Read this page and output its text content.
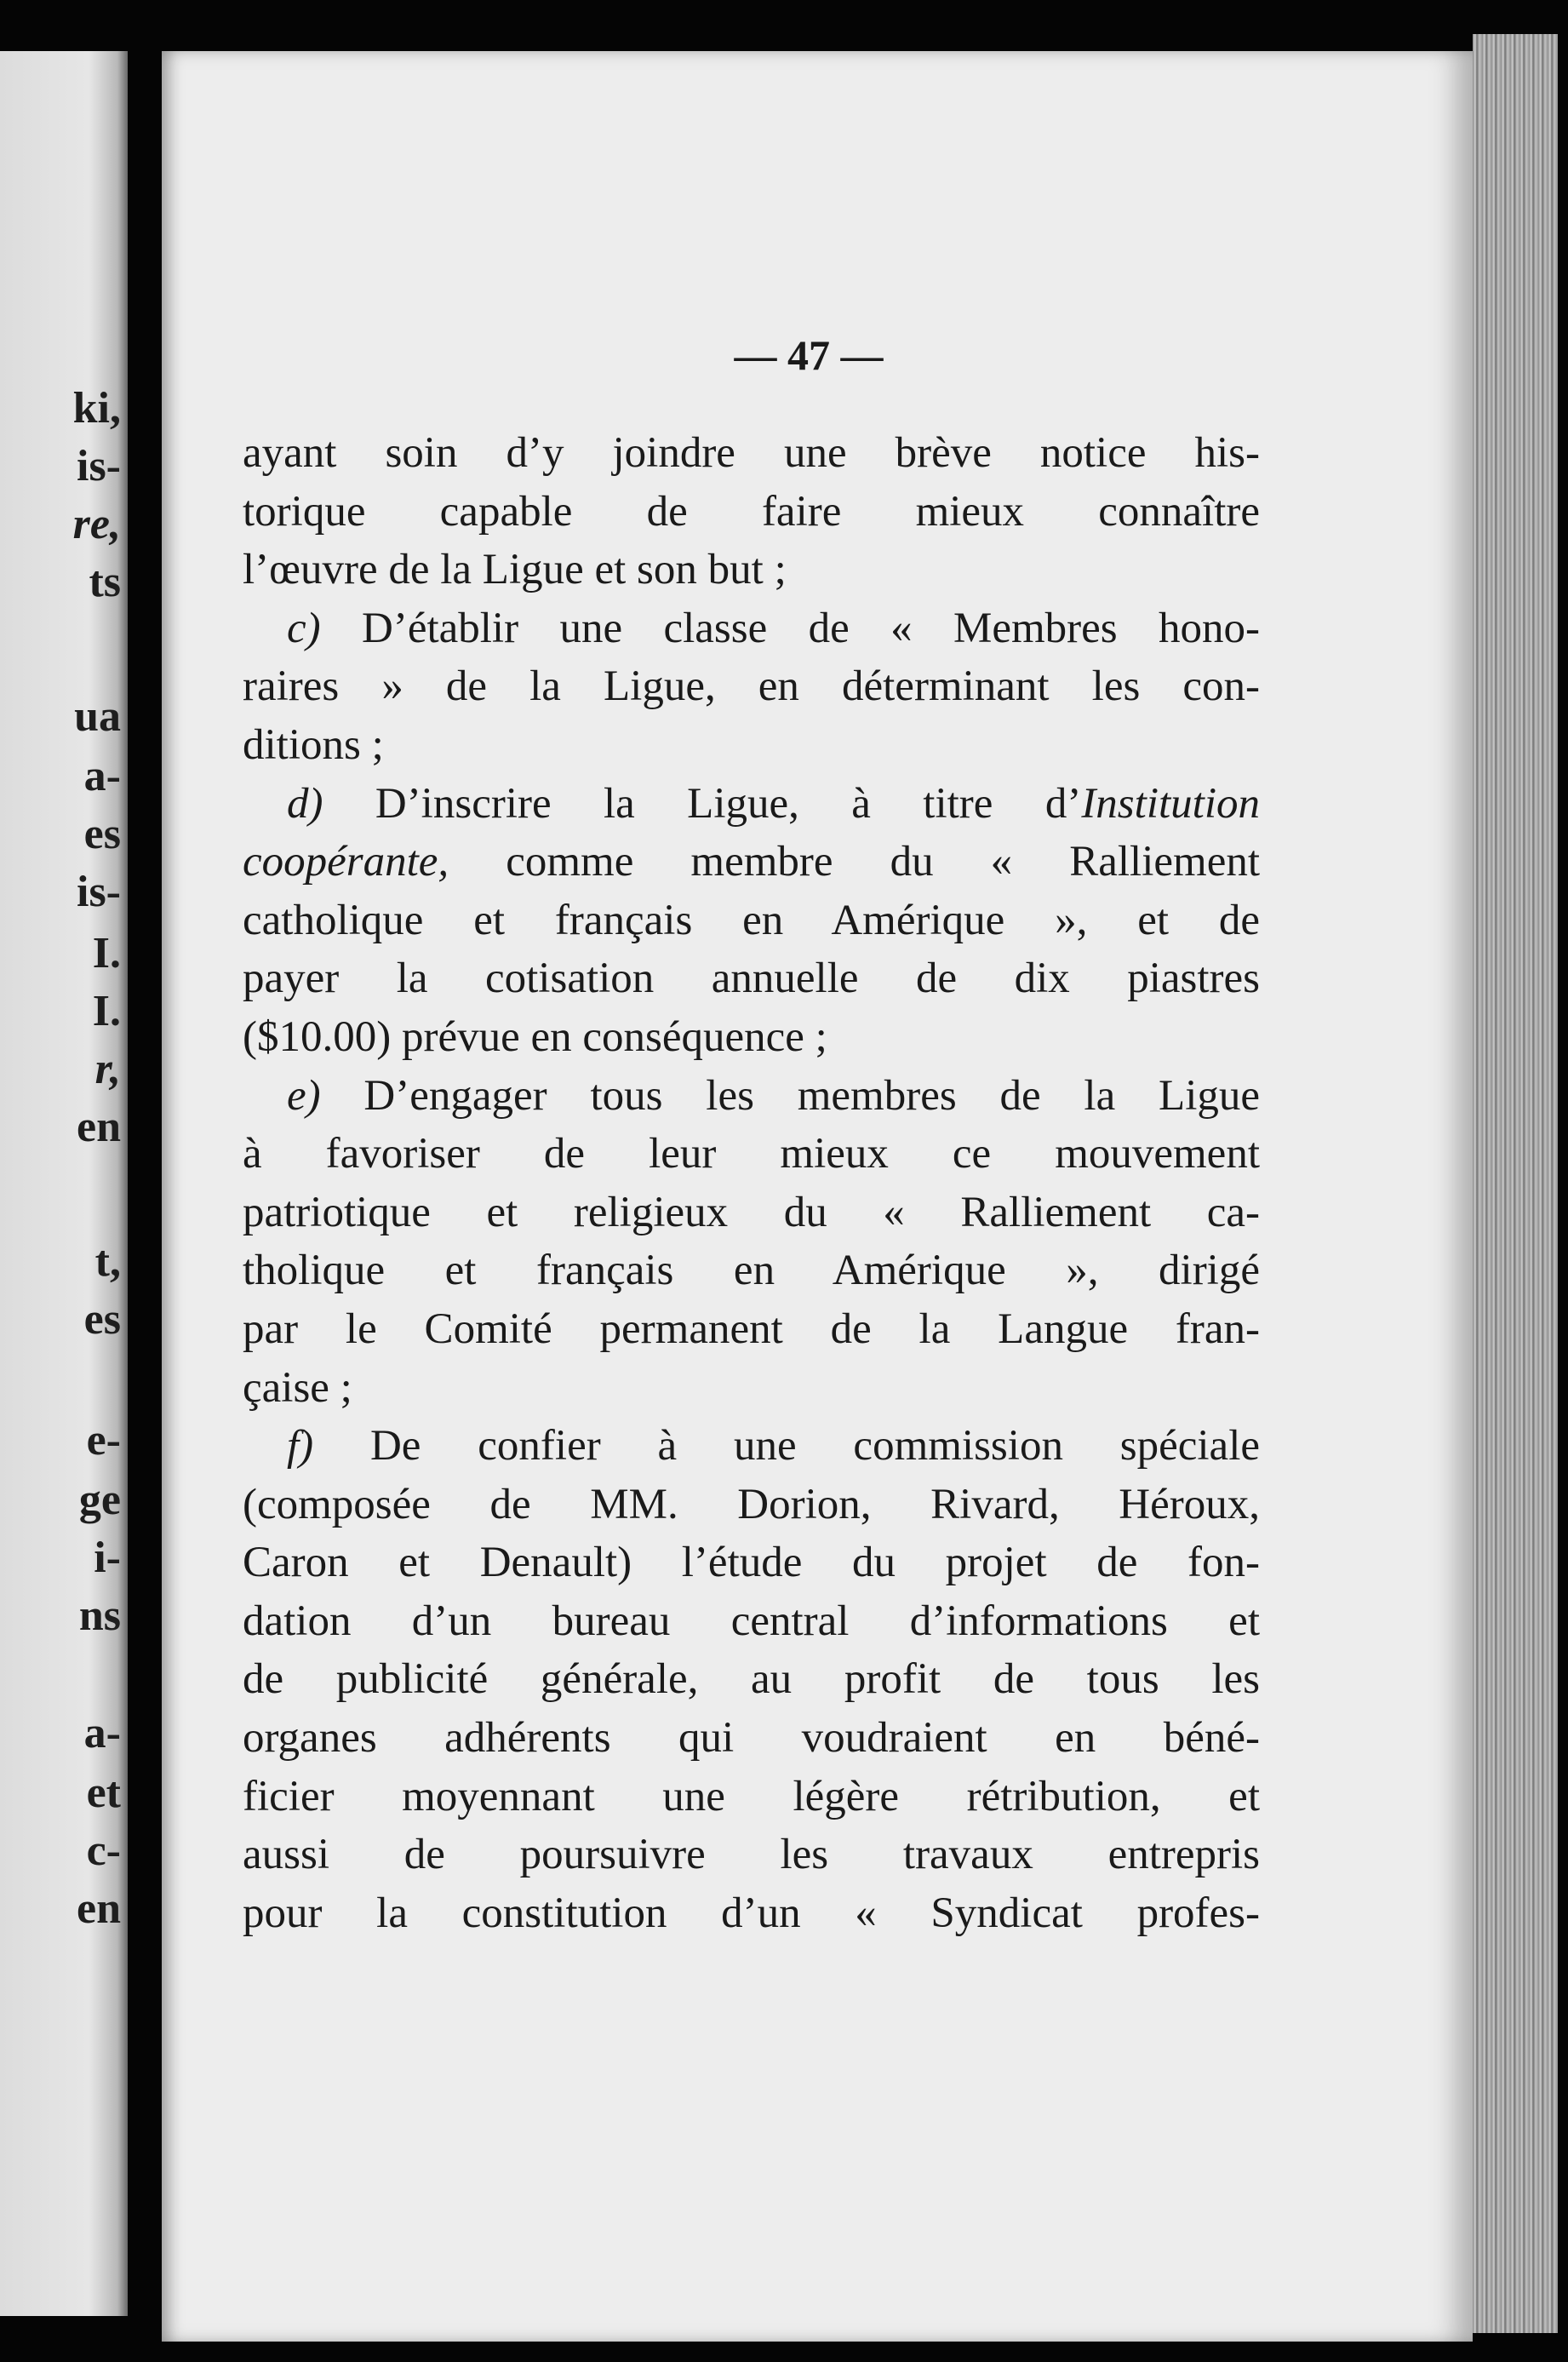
ki,
is-
re,
ts
ua
a-
es
is-
I.
I.
r,
en
t,
es
e-
ge
i-
ns
a-
et
c-
en
— 47 —
ayant soin d’y joindre une brève notice his-
torique capable de faire mieux connaître
l’œuvre de la Ligue et son but ;
c) D’établir une classe de « Membres hono-
raires » de la Ligue, en déterminant les con-
ditions ;
d) D’inscrire la Ligue, à titre d’Institution
coopérante, comme membre du « Ralliement
catholique et français en Amérique », et de
payer la cotisation annuelle de dix piastres
($10.00) prévue en conséquence ;
e) D’engager tous les membres de la Ligue
à favoriser de leur mieux ce mouvement
patriotique et religieux du « Ralliement ca-
tholique et français en Amérique », dirigé
par le Comité permanent de la Langue fran-
çaise ;
f) De confier à une commission spéciale
(composée de MM. Dorion, Rivard, Héroux,
Caron et Denault) l’étude du projet de fon-
dation d’un bureau central d’informations et
de publicité générale, au profit de tous les
organes adhérents qui voudraient en béné-
ficier moyennant une légère rétribution, et
aussi de poursuivre les travaux entrepris
pour la constitution d’un « Syndicat profes-
